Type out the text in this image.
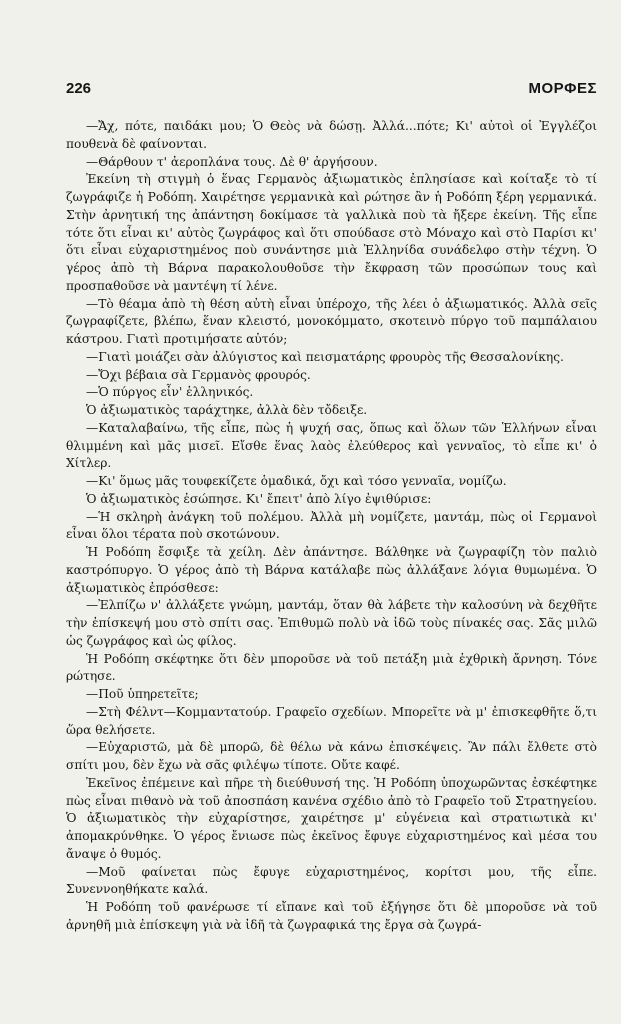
226	ΜΟΡΦΕΣ

—Ἄχ, πότε, παιδάκι μου; Ὁ Θεὸς νὰ δώσῃ. Ἀλλά...πότε; Κι' αὐτοὶ οἱ Ἐγγλέζοι πουθενὰ δὲ φαίνονται.

—Θάρθουν τ' ἀεροπλάνα τους. Δὲ θ' ἀργήσουν.

Ἐκείνη τὴ στιγμὴ ὁ ἕνας Γερμανὸς ἀξιωματικὸς ἐπλησίασε καὶ κοίταξε τὸ τί ζωγράφιζε ἡ Ροδόπη. Χαιρέτησε γερμανικὰ καὶ ρώτησε ἂν ἡ Ροδόπη ξέρη γερμανικά. Στὴν ἀρνητική της ἀπάντηση δοκίμασε τὰ γαλλικὰ ποὺ τὰ ἤξερε ἐκείνη. Τῆς εἶπε τότε ὅτι εἶναι κι' αὐτὸς ζωγράφος καὶ ὅτι σπούδασε στὸ Μόναχο καὶ στὸ Παρίσι κι' ὅτι εἶναι εὐχαριστημένος ποὺ συνάντησε μιὰ Ἑλληνίδα συνάδελφο στὴν τέχνη. Ὁ γέρος ἀπὸ τὴ Βάρνα παρακολουθοῦσε τὴν ἔκφραση τῶν προσώπων τους καὶ προσπαθοῦσε νὰ μαντέψη τί λένε.

—Τὸ θέαμα ἀπὸ τὴ θέση αὐτὴ εἶναι ὑπέροχο, τῆς λέει ὁ ἀξιωματικός. Ἀλλὰ σεῖς ζωγραφίζετε, βλέπω, ἕναν κλειστό, μονοκόμματο, σκοτεινὸ πύργο τοῦ παμπάλαιου κάστρου. Γιατὶ προτιμήσατε αὐτόν;

—Γιατὶ μοιάζει σὰν ἀλύγιστος καὶ πεισματάρης φρουρὸς τῆς Θεσσαλονίκης.

—Ὄχι βέβαια σὰ Γερμανὸς φρουρός.

—Ὁ πύργος εἶν' ἑλληνικός.

Ὁ ἀξιωματικὸς ταράχτηκε, ἀλλὰ δὲν τὄδειξε.

—Καταλαβαίνω, τῆς εἶπε, πὼς ἡ ψυχή σας, ὅπως καὶ ὅλων τῶν Ἑλλήνων εἶναι θλιμμένη καὶ μᾶς μισεῖ. Εἴσθε ἕνας λαὸς ἐλεύθερος καὶ γενναῖος, τὸ εἶπε κι' ὁ Χίτλερ.

—Κι' ὅμως μᾶς τουφεκίζετε ὁμαδικά, ὄχι καὶ τόσο γενναῖα, νομίζω.

Ὁ ἀξιωματικὸς ἐσώπησε. Κι' ἔπειτ' ἀπὸ λίγο ἐψιθύρισε:

—Ἡ σκληρὴ ἀνάγκη τοῦ πολέμου. Ἀλλὰ μὴ νομίζετε, μαντάμ, πὼς οἱ Γερμανοὶ εἶναι ὅλοι τέρατα ποὺ σκοτώνουν.

Ἡ Ροδόπη ἔσφιξε τὰ χείλη. Δὲν ἀπάντησε. Βάλθηκε νὰ ζωγραφίζη τὸν παλιὸ καστρόπυργο. Ὁ γέρος ἀπὸ τὴ Βάρνα κατάλαβε πὼς ἀλλάξανε λόγια θυμωμένα. Ὁ ἀξιωματικὸς ἐπρόσθεσε:

—Ἐλπίζω ν' ἀλλάξετε γνώμη, μαντάμ, ὅταν θὰ λάβετε τὴν καλοσύνη νὰ δεχθῆτε τὴν ἐπίσκεψή μου στὸ σπίτι σας. Ἐπιθυμῶ πολὺ νὰ ἰδῶ τοὺς πίνακές σας. Σᾶς μιλῶ ὡς ζωγράφος καὶ ὡς φίλος.

Ἡ Ροδόπη σκέφτηκε ὅτι δὲν μποροῦσε νὰ τοῦ πετάξη μιὰ ἐχθρικὴ ἄρνηση. Τόνε ρώτησε.

—Ποῦ ὑπηρετεῖτε;

—Στὴ Φέλντ—Κομμαντατούρ. Γραφεῖο σχεδίων. Μπορεῖτε νὰ μ' ἐπισκεφθῆτε ὅ,τι ὥρα θελήσετε.

—Εὐχαριστῶ, μὰ δὲ μπορῶ, δὲ θέλω νὰ κάνω ἐπισκέψεις. Ἂν πάλι ἔλθετε στὸ σπίτι μου, δὲν ἔχω νὰ σᾶς φιλέψω τίποτε. Οὔτε καφέ.

Ἐκεῖνος ἐπέμεινε καὶ πῆρε τὴ διεύθυνσή της. Ἡ Ροδόπη ὑποχωρῶντας ἐσκέφτηκε πὼς εἶναι πιθανὸ νὰ τοῦ ἀποσπάση κανένα σχέδιο ἀπὸ τὸ Γραφεῖο τοῦ Στρατηγείου. Ὁ ἀξιωματικὸς τὴν εὐχαρίστησε, χαιρέτησε μ' εὐγένεια καὶ στρατιωτικὰ κι' ἀπομακρύνθηκε. Ὁ γέρος ἔνιωσε πὼς ἐκεῖνος ἔφυγε εὐχαριστημένος καὶ μέσα του ἄναψε ὁ θυμός.

—Μοῦ φαίνεται πὼς ἔφυγε εὐχαριστημένος, κορίτσι μου, τῆς εἶπε. Συνεννοηθήκατε καλά.

Ἡ Ροδόπη τοῦ φανέρωσε τί εἴπανε καὶ τοῦ ἐξήγησε ὅτι δὲ μποροῦσε νὰ τοῦ ἀρνηθῆ μιὰ ἐπίσκεψη γιὰ νὰ ἰδῆ τὰ ζωγραφικά της ἔργα σὰ ζωγρά-
